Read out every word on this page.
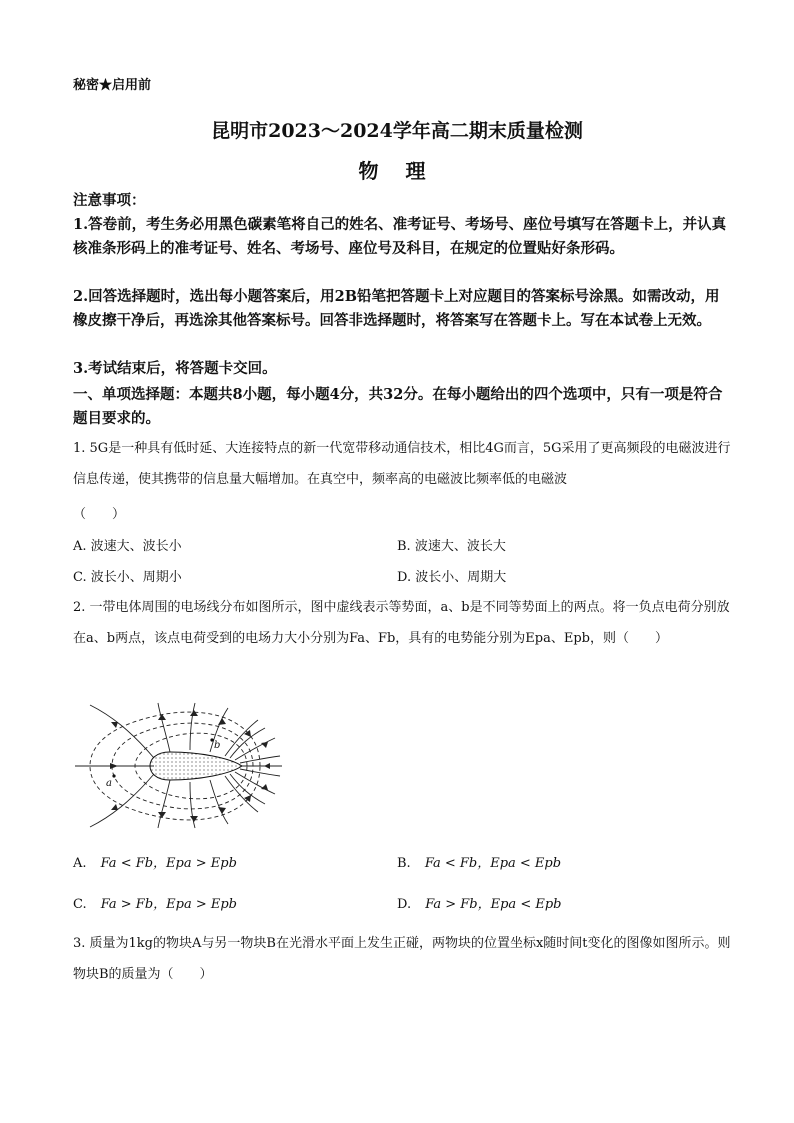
秘密★启用前
昆明市2023～2024学年高二期末质量检测
物 理
注意事项：
1.答卷前，考生务必用黑色碳素笔将自己的姓名、准考证号、考场号、座位号填写在答题卡上，并认真核准条形码上的准考证号、姓名、考场号、座位号及科目，在规定的位置贴好条形码。
2.回答选择题时，选出每小题答案后，用2B铅笔把答题卡上对应题目的答案标号涂黑。如需改动，用橡皮擦干净后，再选涂其他答案标号。回答非选择题时，将答案写在答题卡上。写在本试卷上无效。
3.考试结束后，将答题卡交回。
一、单项选择题：本题共8小题，每小题4分，共32分。在每小题给出的四个选项中，只有一项是符合题目要求的。
1. 5G是一种具有低时延、大连接特点的新一代宽带移动通信技术，相比4G而言，5G采用了更高频段的电磁波进行信息传递，使其携带的信息量大幅增加。在真空中，频率高的电磁波比频率低的电磁波
（　　）
A. 波速大、波长小	B. 波速大、波长大
C. 波长小、周期小	D. 波长小、周期大
2. 一带电体周围的电场线分布如图所示，图中虚线表示等势面，a、b是不同等势面上的两点。将一负点电荷分别放在a、b两点，该点电荷受到的电场力大小分别为Fa、Fb，具有的电势能分别为Epa、Epb，则（　　）
a
b
A. Fa < Fb，Epa > Epb	B. Fa < Fb，Epa < Epb
C. Fa > Fb，Epa > Epb	D. Fa > Fb，Epa < Epb
3. 质量为1kg的物块A与另一物块B在光滑水平面上发生正碰，两物块的位置坐标x随时间t变化的图像如图所示。则物块B的质量为（　　）
